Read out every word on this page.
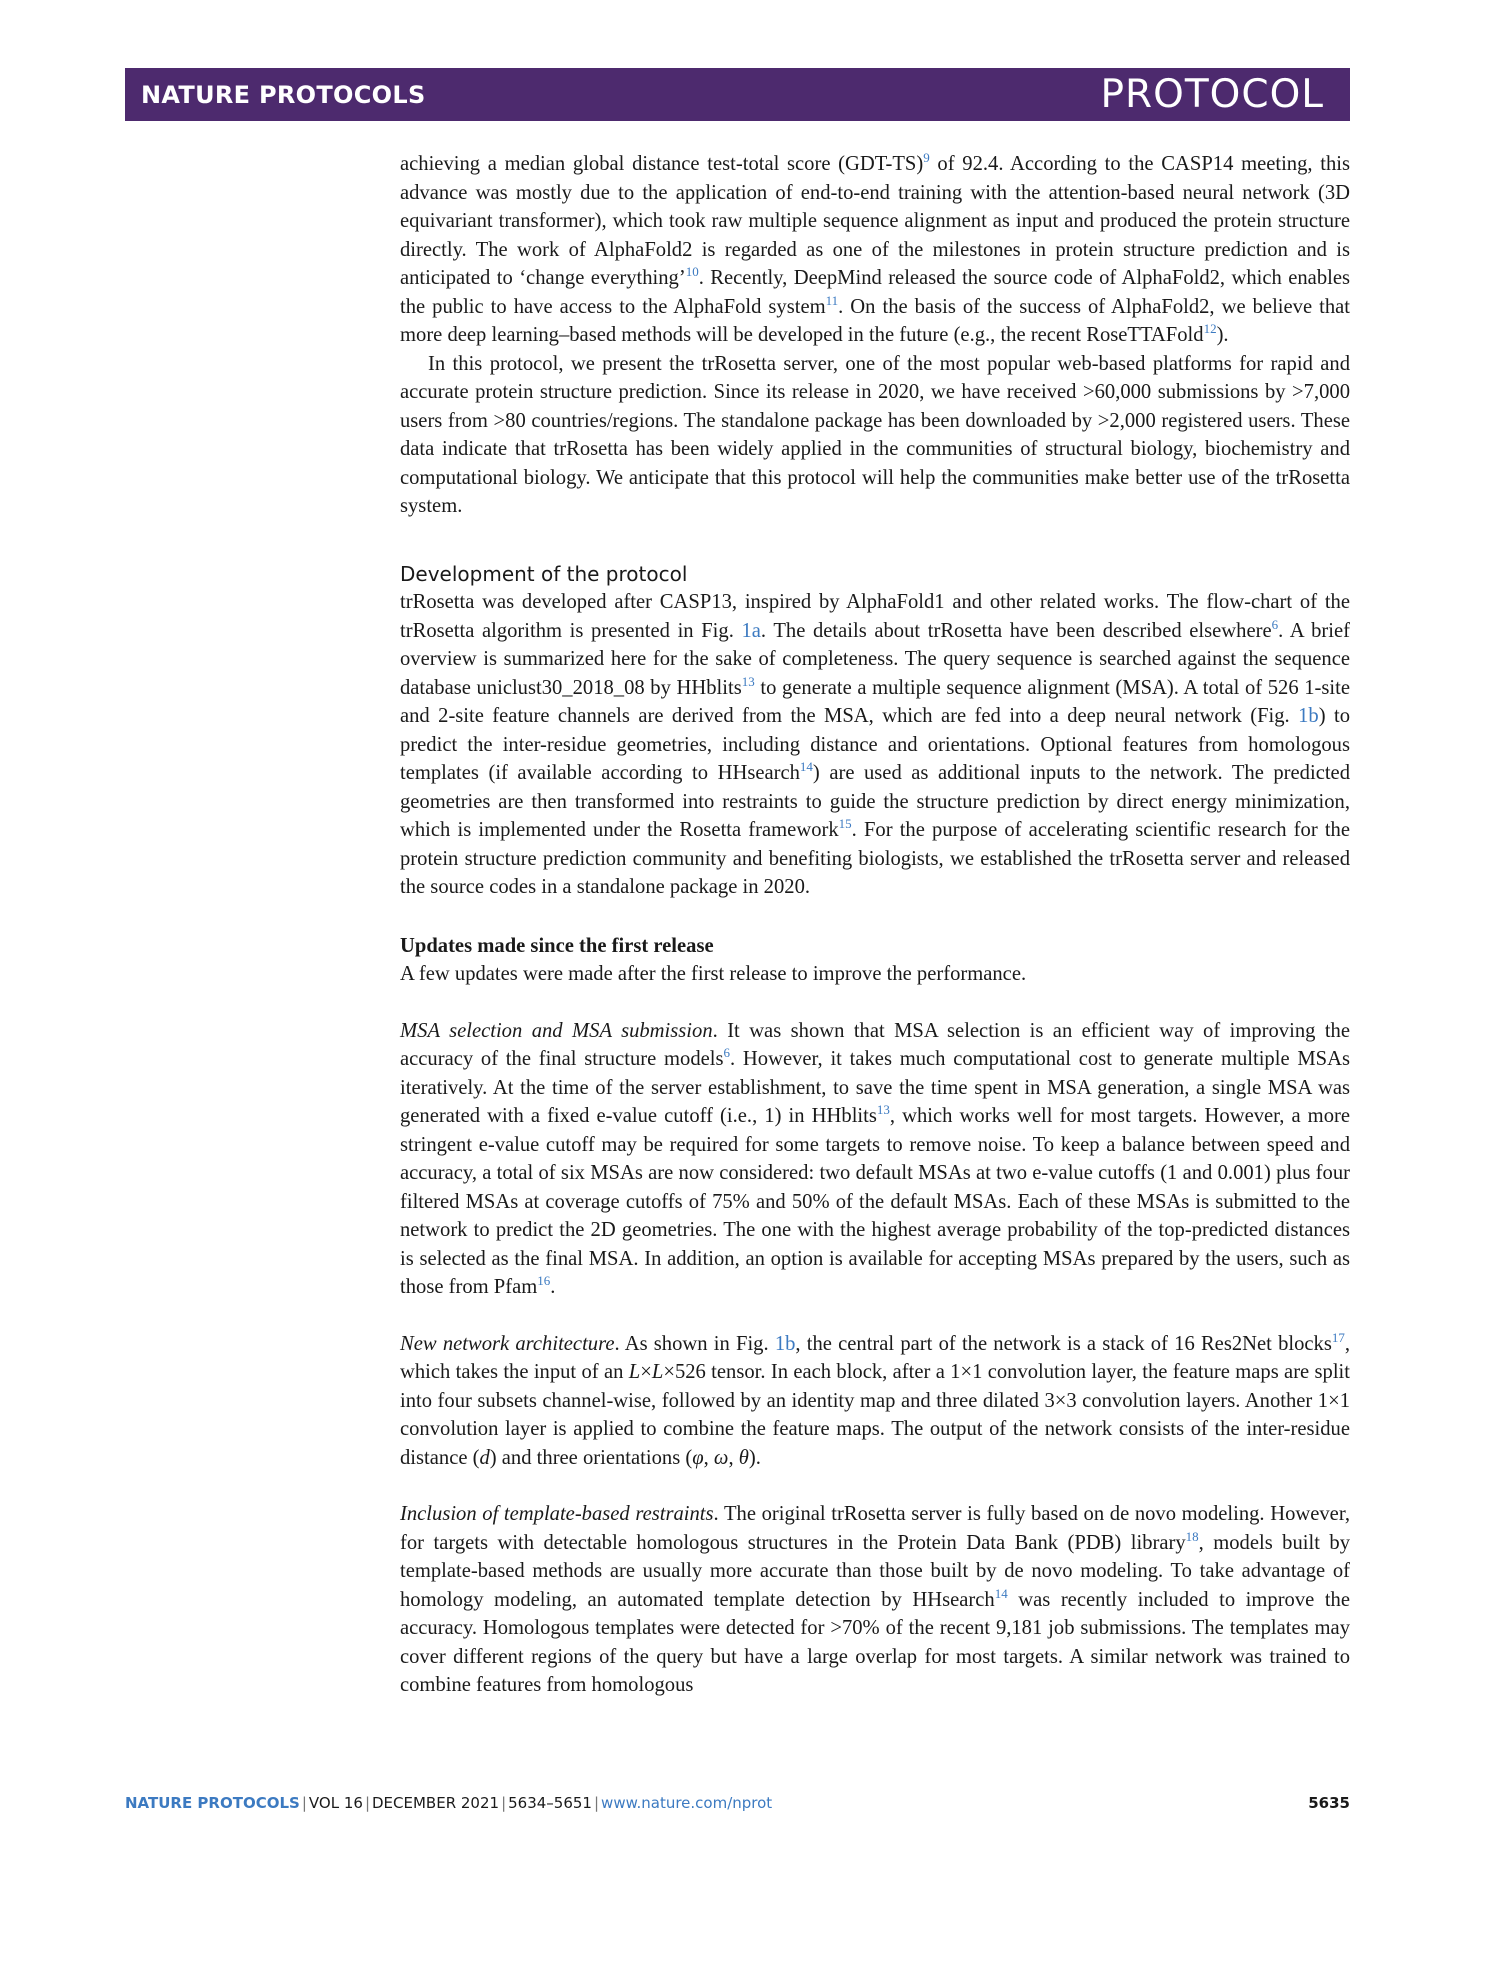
NATURE PROTOCOLS	PROTOCOL

achieving a median global distance test-total score $(GDT-TS)^9$ of 92.4. According to the CASP14 meeting, this advance was mostly due to the application of end-to-end training with the attention-based neural network (3D equivariant transformer), which took raw multiple sequence alignment as input and produced the protein structure directly. The work of AlphaFold2 is regarded as one of the milestones in protein structure prediction and is anticipated to ‘change everything’$^{10}$. Recently, DeepMind released the source code of AlphaFold2, which enables the public to have access to the AlphaFold system$^{11}$. On the basis of the success of AlphaFold2, we believe that more deep learning–based methods will be developed in the future (e.g., the recent RoseTTAFold$^{12}$).

In this protocol, we present the trRosetta server, one of the most popular web-based platforms for rapid and accurate protein structure prediction. Since its release in 2020, we have received >60,000 submissions by >7,000 users from >80 countries/regions. The standalone package has been downloaded by >2,000 registered users. These data indicate that trRosetta has been widely applied in the communities of structural biology, biochemistry and computational biology. We anticipate that this protocol will help the communities make better use of the trRosetta system.

Development of the protocol

trRosetta was developed after CASP13, inspired by AlphaFold1 and other related works. The flow-chart of the trRosetta algorithm is presented in Fig. 1a. The details about trRosetta have been described elsewhere$^6$. A brief overview is summarized here for the sake of completeness. The query sequence is searched against the sequence database uniclust30_2018_08 by HHblits$^{13}$ to generate a multiple sequence alignment (MSA). A total of 526 1-site and 2-site feature channels are derived from the MSA, which are fed into a deep neural network (Fig. 1b) to predict the inter-residue geometries, including distance and orientations. Optional features from homologous templates (if available according to HHsearch$^{14}$) are used as additional inputs to the network. The predicted geometries are then transformed into restraints to guide the structure prediction by direct energy minimization, which is implemented under the Rosetta framework$^{15}$. For the purpose of accelerating scientific research for the protein structure prediction community and benefiting biologists, we established the trRosetta server and released the source codes in a standalone package in 2020.

Updates made since the first release

A few updates were made after the first release to improve the performance.

MSA selection and MSA submission. It was shown that MSA selection is an efficient way of improving the accuracy of the final structure models$^6$. However, it takes much computational cost to generate multiple MSAs iteratively. At the time of the server establishment, to save the time spent in MSA generation, a single MSA was generated with a fixed e-value cutoff (i.e., 1) in HHblits$^{13}$, which works well for most targets. However, a more stringent e-value cutoff may be required for some targets to remove noise. To keep a balance between speed and accuracy, a total of six MSAs are now considered: two default MSAs at two e-value cutoffs (1 and 0.001) plus four filtered MSAs at coverage cutoffs of 75% and 50% of the default MSAs. Each of these MSAs is submitted to the network to predict the 2D geometries. The one with the highest average probability of the top-predicted distances is selected as the final MSA. In addition, an option is available for accepting MSAs prepared by the users, such as those from Pfam$^{16}$.

New network architecture. As shown in Fig. 1b, the central part of the network is a stack of 16 Res2Net blocks$^{17}$, which takes the input of an L×L×526 tensor. In each block, after a 1×1 convolution layer, the feature maps are split into four subsets channel-wise, followed by an identity map and three dilated 3×3 convolution layers. Another 1×1 convolution layer is applied to combine the feature maps. The output of the network consists of the inter-residue distance (d) and three orientations (φ, ω, θ).

Inclusion of template-based restraints. The original trRosetta server is fully based on de novo modeling. However, for targets with detectable homologous structures in the Protein Data Bank (PDB) library$^{18}$, models built by template-based methods are usually more accurate than those built by de novo modeling. To take advantage of homology modeling, an automated template detection by HHsearch$^{14}$ was recently included to improve the accuracy. Homologous templates were detected for >70% of the recent 9,181 job submissions. The templates may cover different regions of the query but have a large overlap for most targets. A similar network was trained to combine features from homologous

NATURE PROTOCOLS | VOL 16 | DECEMBER 2021 | 5634–5651 | www.nature.com/nprot	5635
